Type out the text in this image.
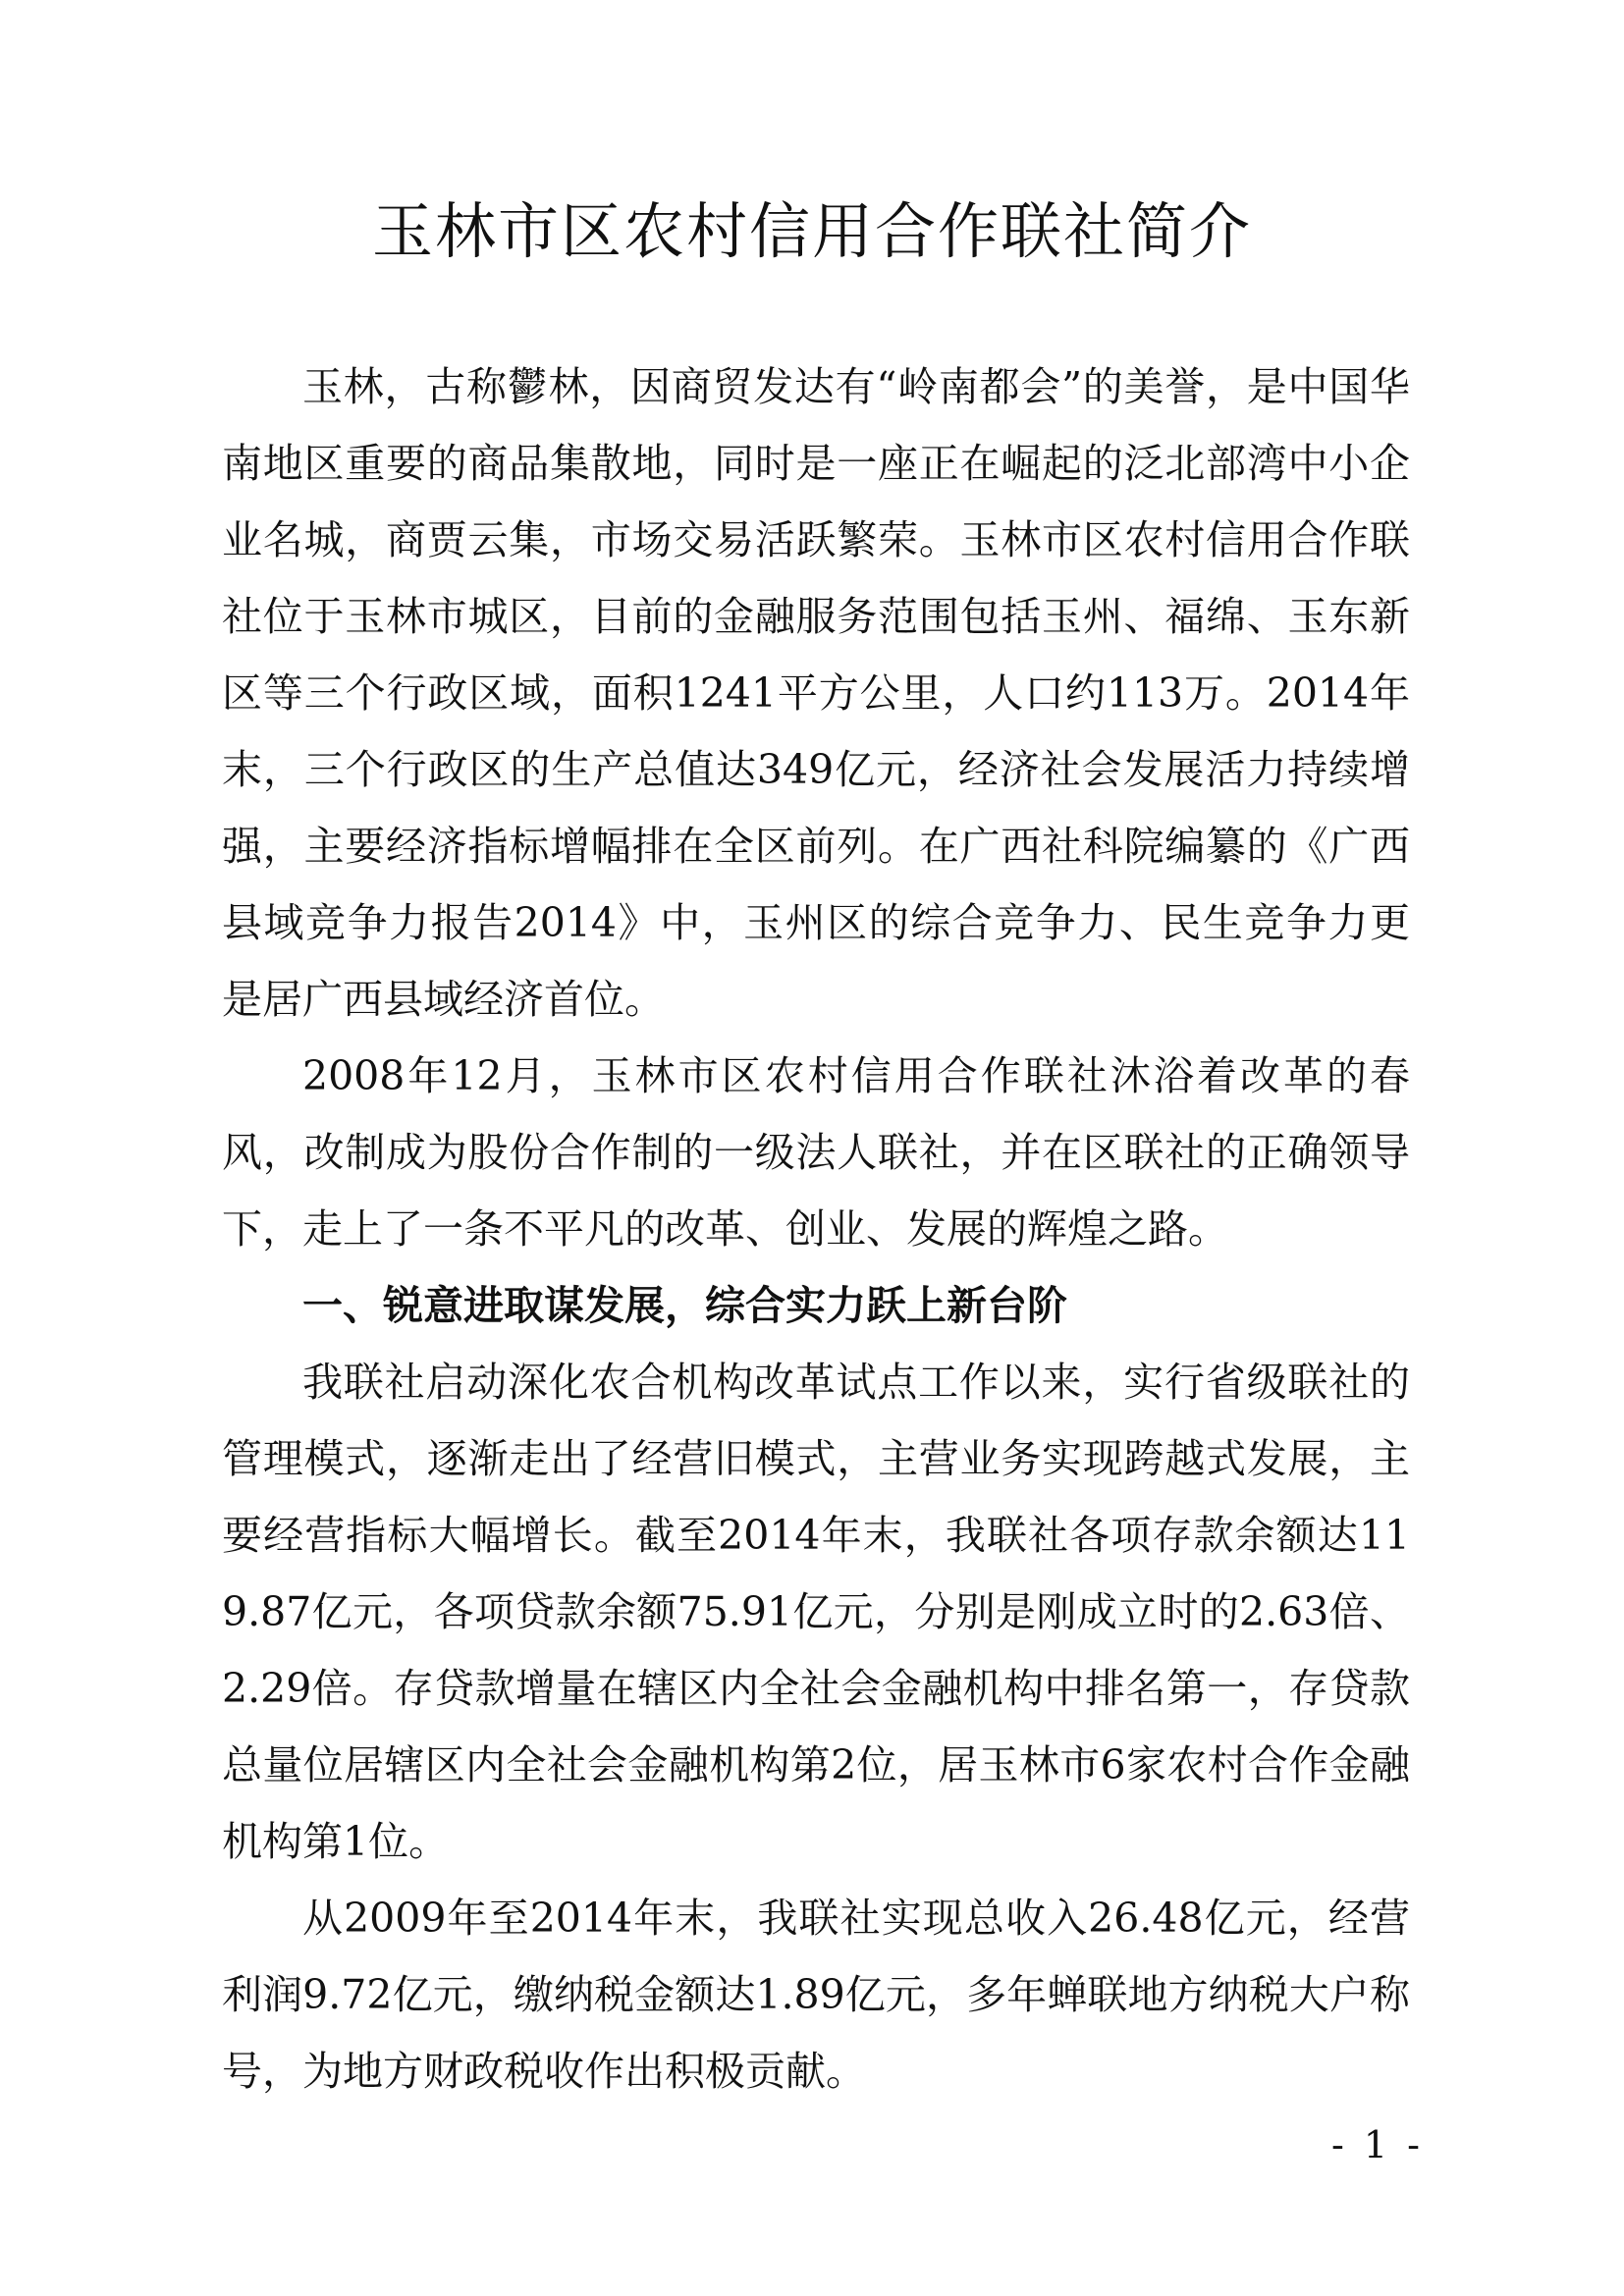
玉林市区农村信用合作联社简介

玉林，古称鬱林，因商贸发达有“岭南都会”的美誉，是中国华南地区重要的商品集散地，同时是一座正在崛起的泛北部湾中小企业名城，商贾云集，市场交易活跃繁荣。玉林市区农村信用合作联社位于玉林市城区，目前的金融服务范围包括玉州、福绵、玉东新区等三个行政区域，面积1241平方公里，人口约113万。2014年末，三个行政区的生产总值达349亿元，经济社会发展活力持续增强，主要经济指标增幅排在全区前列。在广西社科院编纂的《广西县域竞争力报告2014》中，玉州区的综合竞争力、民生竞争力更是居广西县域经济首位。

2008年12月，玉林市区农村信用合作联社沐浴着改革的春风，改制成为股份合作制的一级法人联社，并在区联社的正确领导下，走上了一条不平凡的改革、创业、发展的辉煌之路。

一、锐意进取谋发展，综合实力跃上新台阶

我联社启动深化农合机构改革试点工作以来，实行省级联社的管理模式，逐渐走出了经营旧模式，主营业务实现跨越式发展，主要经营指标大幅增长。截至2014年末，我联社各项存款余额达119.87亿元，各项贷款余额75.91亿元，分别是刚成立时的2.63倍、2.29倍。存贷款增量在辖区内全社会金融机构中排名第一，存贷款总量位居辖区内全社会金融机构第2位，居玉林市6家农村合作金融机构第1位。

从2009年至2014年末，我联社实现总收入26.48亿元，经营利润9.72亿元，缴纳税金额达1.89亿元，多年蝉联地方纳税大户称号，为地方财政税收作出积极贡献。

- 1 -
